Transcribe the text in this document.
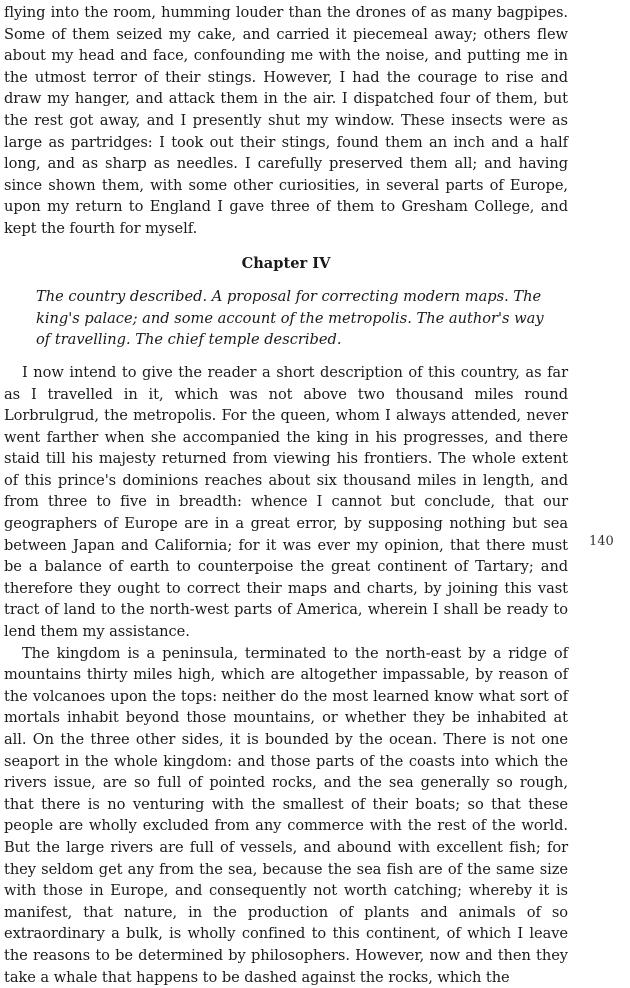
flying into the room, humming louder than the drones of as many bagpipes. Some of them seized my cake, and carried it piecemeal away; others flew about my head and face, confounding me with the noise, and putting me in the utmost terror of their stings. However, I had the courage to rise and draw my hanger, and attack them in the air. I dispatched four of them, but the rest got away, and I presently shut my window. These insects were as large as partridges: I took out their stings, found them an inch and a half long, and as sharp as needles. I carefully preserved them all; and having since shown them, with some other curiosities, in several parts of Europe, upon my return to England I gave three of them to Gresham College, and kept the fourth for myself.

Chapter IV

The country described. A proposal for correcting modern maps. The king's palace; and some account of the metropolis. The author's way of travelling. The chief temple described.

I now intend to give the reader a short description of this country, as far as I travelled in it, which was not above two thousand miles round Lorbrulgrud, the metropolis. For the queen, whom I always attended, never went farther when she accompanied the king in his progresses, and there staid till his majesty returned from viewing his frontiers. The whole extent of this prince's dominions reaches about six thousand miles in length, and from three to five in breadth: whence I cannot but conclude, that our geographers of Europe are in a great error, by supposing nothing but sea between Japan and California; for it was ever my opinion, that there must be a balance of earth to counterpoise the great continent of Tartary; and therefore they ought to correct their maps and charts, by joining this vast tract of land to the north-west parts of America, wherein I shall be ready to lend them my assistance.

The kingdom is a peninsula, terminated to the north-east by a ridge of mountains thirty miles high, which are altogether impassable, by reason of the volcanoes upon the tops: neither do the most learned know what sort of mortals inhabit beyond those mountains, or whether they be inhabited at all. On the three other sides, it is bounded by the ocean. There is not one seaport in the whole kingdom: and those parts of the coasts into which the rivers issue, are so full of pointed rocks, and the sea generally so rough, that there is no venturing with the smallest of their boats; so that these people are wholly excluded from any commerce with the rest of the world. But the large rivers are full of vessels, and abound with excellent fish; for they seldom get any from the sea, because the sea fish are of the same size with those in Europe, and consequently not worth catching; whereby it is manifest, that nature, in the production of plants and animals of so extraordinary a bulk, is wholly confined to this continent, of which I leave the reasons to be determined by philosophers. However, now and then they take a whale that happens to be dashed against the rocks, which the

140
